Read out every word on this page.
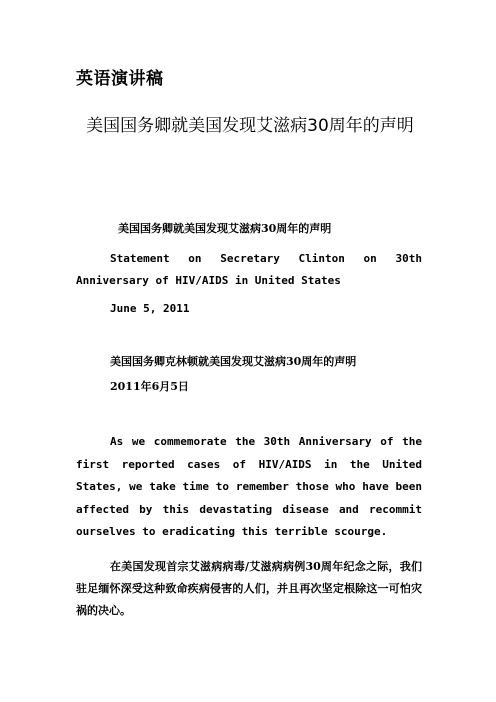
英语演讲稿
美国国务卿就美国发现艾滋病30周年的声明
美国国务卿就美国发现艾滋病30周年的声明
Statement on Secretary Clinton on 30th Anniversary of HIV/AIDS in United States
June 5, 2011
美国国务卿克林顿就美国发现艾滋病30周年的声明
2011年6月5日
As we commemorate the 30th Anniversary of the first reported cases of HIV/AIDS in the United States, we take time to remember those who have been affected by this devastating disease and recommit ourselves to eradicating this terrible scourge.
在美国发现首宗艾滋病病毒/艾滋病病例30周年纪念之际，我们驻足缅怀深受这种致命疾病侵害的人们，并且再次坚定根除这一可怕灾祸的决心。
